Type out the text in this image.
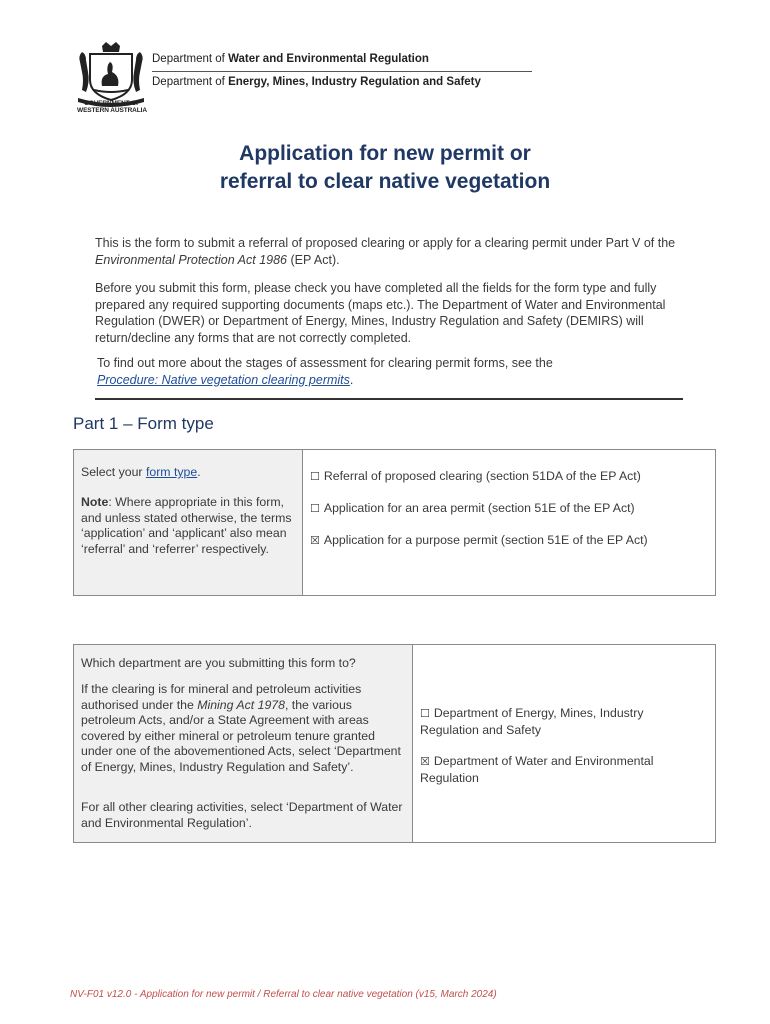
GOVERNMENT OF
WESTERN AUSTRALIA
Department of Water and Environmental Regulation
Department of Energy, Mines, Industry Regulation and Safety
Application for new permit or
referral to clear native vegetation
This is the form to submit a referral of proposed clearing or apply for a clearing permit under Part V of the Environmental Protection Act 1986 (EP Act).
Before you submit this form, please check you have completed all the fields for the form type and fully prepared any required supporting documents (maps etc.). The Department of Water and Environmental Regulation (DWER) or Department of Energy, Mines, Industry Regulation and Safety (DEMIRS) will return/decline any forms that are not correctly completed.
To find out more about the stages of assessment for clearing permit forms, see the
Procedure: Native vegetation clearing permits.
Part 1 – Form type
Select your form type.
Note: Where appropriate in this form, and unless stated otherwise, the terms ‘application’ and ‘applicant’ also mean ‘referral’ and ‘referrer’ respectively.
☐ Referral of proposed clearing (section 51DA of the EP Act)
☐ Application for an area permit (section 51E of the EP Act)
☒ Application for a purpose permit (section 51E of the EP Act)
Which department are you submitting this form to?
If the clearing is for mineral and petroleum activities authorised under the Mining Act 1978, the various petroleum Acts, and/or a State Agreement with areas covered by either mineral or petroleum tenure granted under one of the abovementioned Acts, select ‘Department of Energy, Mines, Industry Regulation and Safety’.
For all other clearing activities, select ‘Department of Water and Environmental Regulation’.
☐ Department of Energy, Mines, Industry Regulation and Safety
☒ Department of Water and Environmental Regulation
NV-F01 v12.0 - Application for new permit / Referral to clear native vegetation (v15, March 2024)
